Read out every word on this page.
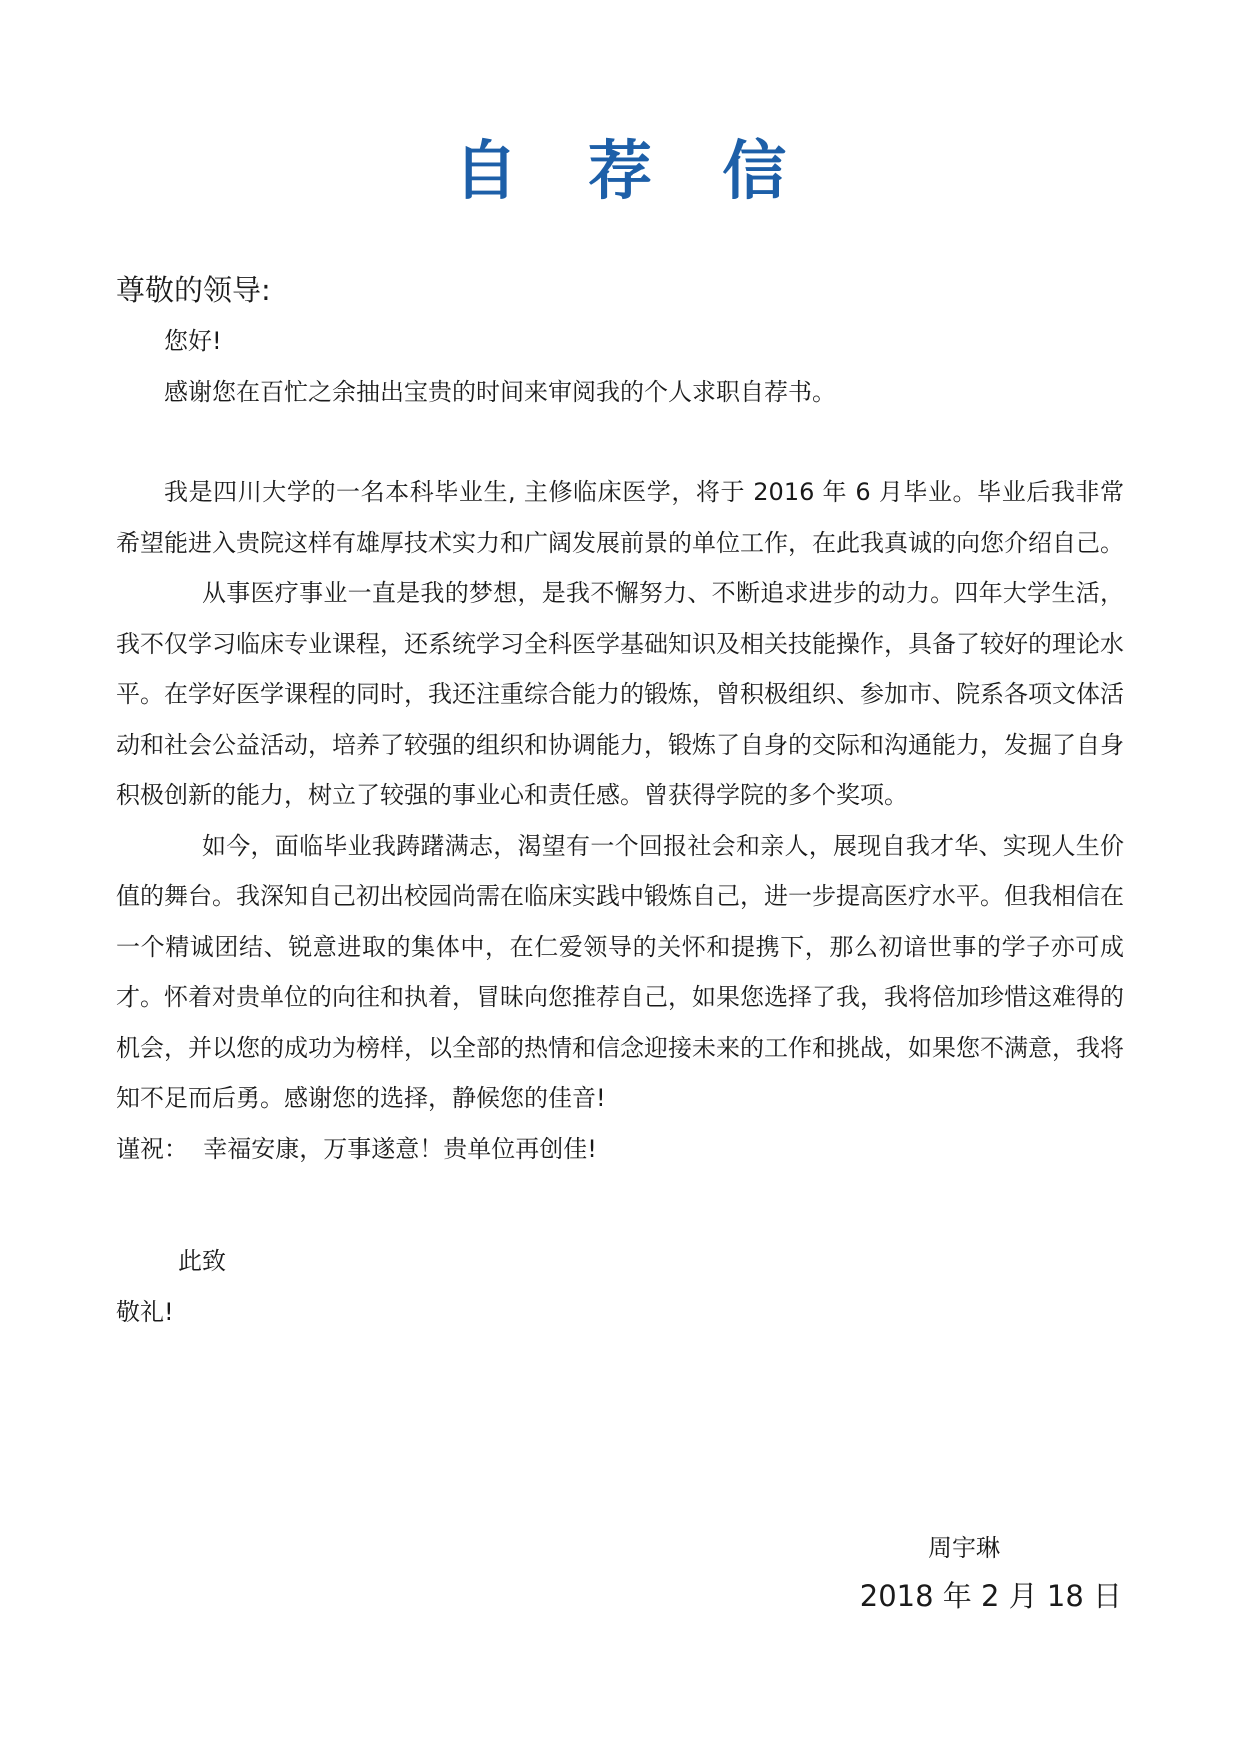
自 荐 信
尊敬的领导:

您好!

感谢您在百忙之余抽出宝贵的时间来审阅我的个人求职自荐书。

我是四川大学的一名本科毕业生, 主修临床医学，将于 2016 年 6 月毕业。毕业后我非常希望能进入贵院这样有雄厚技术实力和广阔发展前景的单位工作，在此我真诚的向您介绍自己。

从事医疗事业一直是我的梦想，是我不懈努力、不断追求进步的动力。四年大学生活，我不仅学习临床专业课程，还系统学习全科医学基础知识及相关技能操作，具备了较好的理论水平。在学好医学课程的同时，我还注重综合能力的锻炼，曾积极组织、参加市、院系各项文体活动和社会公益活动，培养了较强的组织和协调能力，锻炼了自身的交际和沟通能力，发掘了自身积极创新的能力，树立了较强的事业心和责任感。曾获得学院的多个奖项。

如今，面临毕业我踌躇满志，渴望有一个回报社会和亲人，展现自我才华、实现人生价值的舞台。我深知自己初出校园尚需在临床实践中锻炼自己，进一步提高医疗水平。但我相信在一个精诚团结、锐意进取的集体中，在仁爱领导的关怀和提携下，那么初谙世事的学子亦可成才。怀着对贵单位的向往和执着，冒昧向您推荐自己，如果您选择了我，我将倍加珍惜这难得的机会，并以您的成功为榜样，以全部的热情和信念迎接未来的工作和挑战，如果您不满意，我将知不足而后勇。感谢您的选择，静候您的佳音!

谨祝：  幸福安康，万事遂意！贵单位再创佳!

此致

敬礼!

周宇琳
2018 年 2 月 18 日
